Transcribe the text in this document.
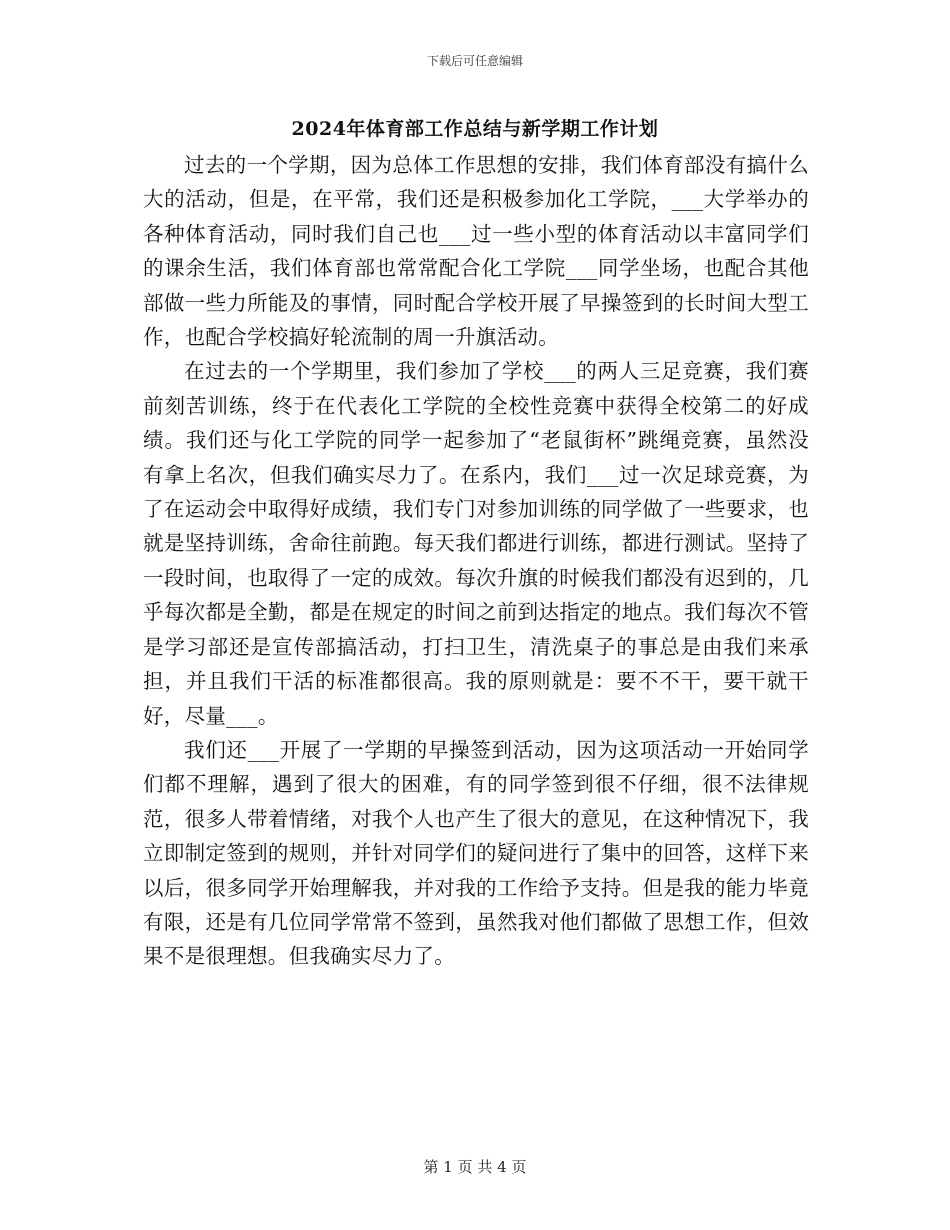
下载后可任意编辑
2024年体育部工作总结与新学期工作计划

过去的一个学期，因为总体工作思想的安排，我们体育部没有搞什么大的活动，但是，在平常，我们还是积极参加化工学院，___大学举办的各种体育活动，同时我们自己也___过一些小型的体育活动以丰富同学们的课余生活，我们体育部也常常配合化工学院___同学坐场，也配合其他部做一些力所能及的事情，同时配合学校开展了早操签到的长时间大型工作，也配合学校搞好轮流制的周一升旗活动。

在过去的一个学期里，我们参加了学校___的两人三足竞赛，我们赛前刻苦训练，终于在代表化工学院的全校性竞赛中获得全校第二的好成绩。我们还与化工学院的同学一起参加了“老鼠街杯”跳绳竞赛，虽然没有拿上名次，但我们确实尽力了。在系内，我们___过一次足球竞赛，为了在运动会中取得好成绩，我们专门对参加训练的同学做了一些要求，也就是坚持训练，舍命往前跑。每天我们都进行训练，都进行测试。坚持了一段时间，也取得了一定的成效。每次升旗的时候我们都没有迟到的，几乎每次都是全勤，都是在规定的时间之前到达指定的地点。我们每次不管是学习部还是宣传部搞活动，打扫卫生，清洗桌子的事总是由我们来承担，并且我们干活的标准都很高。我的原则就是：要不不干，要干就干好，尽量___。

我们还___开展了一学期的早操签到活动，因为这项活动一开始同学们都不理解，遇到了很大的困难，有的同学签到很不仔细，很不法律规范，很多人带着情绪，对我个人也产生了很大的意见，在这种情况下，我立即制定签到的规则，并针对同学们的疑问进行了集中的回答，这样下来以后，很多同学开始理解我，并对我的工作给予支持。但是我的能力毕竟有限，还是有几位同学常常不签到，虽然我对他们都做了思想工作，但效果不是很理想。但我确实尽力了。

第 1 页 共 4 页
